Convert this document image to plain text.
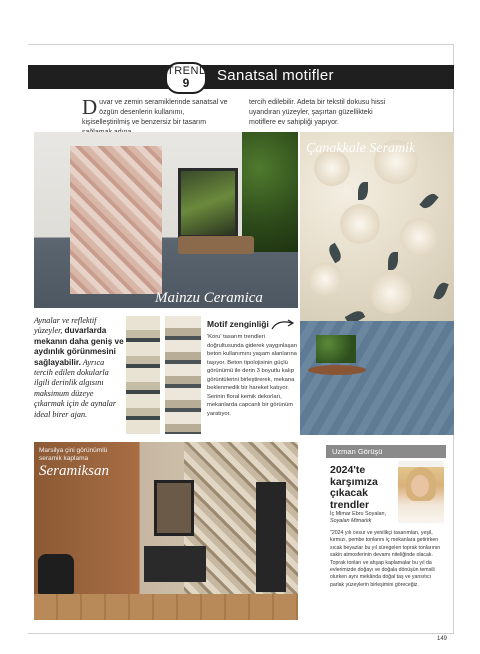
TREND
9	Sanatsal motifler
D uvar ve zemin seramiklerinde sanatsal ve özgün desenlerin kullanımı, kişiselleştirilmiş ve benzersiz bir tasarım
tercih edilebilir. Adeta bir tekstil dokusu hissi uyandıran yüzeyler, şaşırtan güzellikteki motiflere ev sahipliği yapıyor.
Mainzu Ceramica
Çanakkale Seramik
Aynalar ve reflektif yüzeyler, duvarlarda mekanın daha geniş ve aydınlık görünmesini sağlayabilir. Ayrıca tercih edilen dokularla ilgili derinlik algısını maksimum düzeye çıkarmak için de aynalar ideal birer ajan.
Motif zenginliği
'Koru' tasarım trendleri doğrultusunda giderek yaygınlaşan beton kullanımını yaşam alanlarına taşıyor. Beton tipolojisinin güçlü görünümü ile derin 3 boyutlu kalıp görüntülerini birleştirerek, mekana beklenmedik bir hareket katıyor. Serinin floral kemik dekorları, mekanlarda capcanlı bir görünüm yaratıyor.
Marsilya çini görünümlü seramik kaplama
Seramiksan
Uzman Görüşü
2024'te karşımıza çıkacak trendler
İç Mimar Ebru Soyalan,
Soyalan Mimarlık
"2024 yılı cesur ve yenilikçi tasarımları, yeşil, kırmızı, pembe tonlarını iç mekanlara getirirken sıcak beyazlar bu yıl süregelen toprak tonlarının sakin atmosferinin devamı niteliğinde olacak. Toprak tonları ve ahşap kaplamalar bu yıl da evlerimizde doğayı ve doğala dönüşün temsili olurken aynı mekânda doğal taş ve yansıtıcı parlak yüzeylerin birleşimini göreceğiz.
149
